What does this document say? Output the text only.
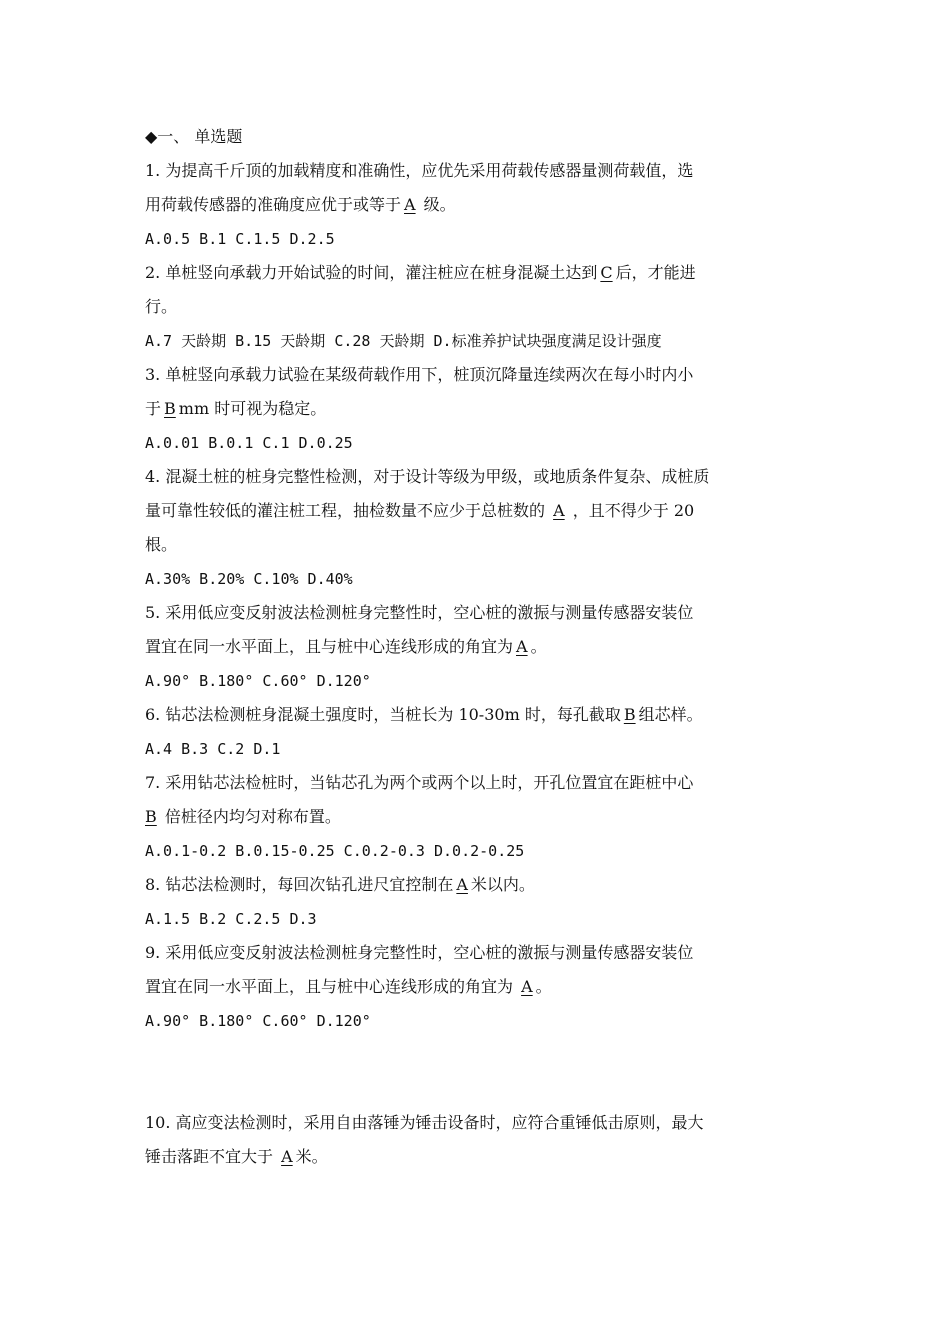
◆一、 单选题
1. 为提高千斤顶的加载精度和准确性，应优先采用荷载传感器量测荷载值，选
用荷载传感器的准确度应优于或等于 A 级。
A.0.5 B.1 C.1.5 D.2.5
2. 单桩竖向承载力开始试验的时间，灌注桩应在桩身混凝土达到 C 后，才能进
行。
A.7 天龄期 B.15 天龄期 C.28 天龄期 D.标准养护试块强度满足设计强度
3. 单桩竖向承载力试验在某级荷载作用下，桩顶沉降量连续两次在每小时内小
于 B mm 时可视为稳定。
A.0.01 B.0.1 C.1 D.0.25
4. 混凝土桩的桩身完整性检测，对于设计等级为甲级，或地质条件复杂、成桩质
量可靠性较低的灌注桩工程，抽检数量不应少于总桩数的 A ，且不得少于 20
根。
A.30% B.20% C.10% D.40%
5. 采用低应变反射波法检测桩身完整性时，空心桩的激振与测量传感器安装位
置宜在同一水平面上，且与桩中心连线形成的角宜为 A 。
A.90° B.180° C.60° D.120°
6. 钻芯法检测桩身混凝土强度时，当桩长为 10-30m 时，每孔截取 B 组芯样。
A.4 B.3 C.2 D.1
7. 采用钻芯法检桩时，当钻芯孔为两个或两个以上时，开孔位置宜在距桩中心
B 倍桩径内均匀对称布置。
A.0.1-0.2 B.0.15-0.25 C.0.2-0.3 D.0.2-0.25
8. 钻芯法检测时，每回次钻孔进尺宜控制在 A 米以内。
A.1.5 B.2 C.2.5 D.3
9. 采用低应变反射波法检测桩身完整性时，空心桩的激振与测量传感器安装位
置宜在同一水平面上，且与桩中心连线形成的角宜为 A 。
A.90° B.180° C.60° D.120°
10. 高应变法检测时，采用自由落锤为锤击设备时，应符合重锤低击原则，最大
锤击落距不宜大于 A 米。
